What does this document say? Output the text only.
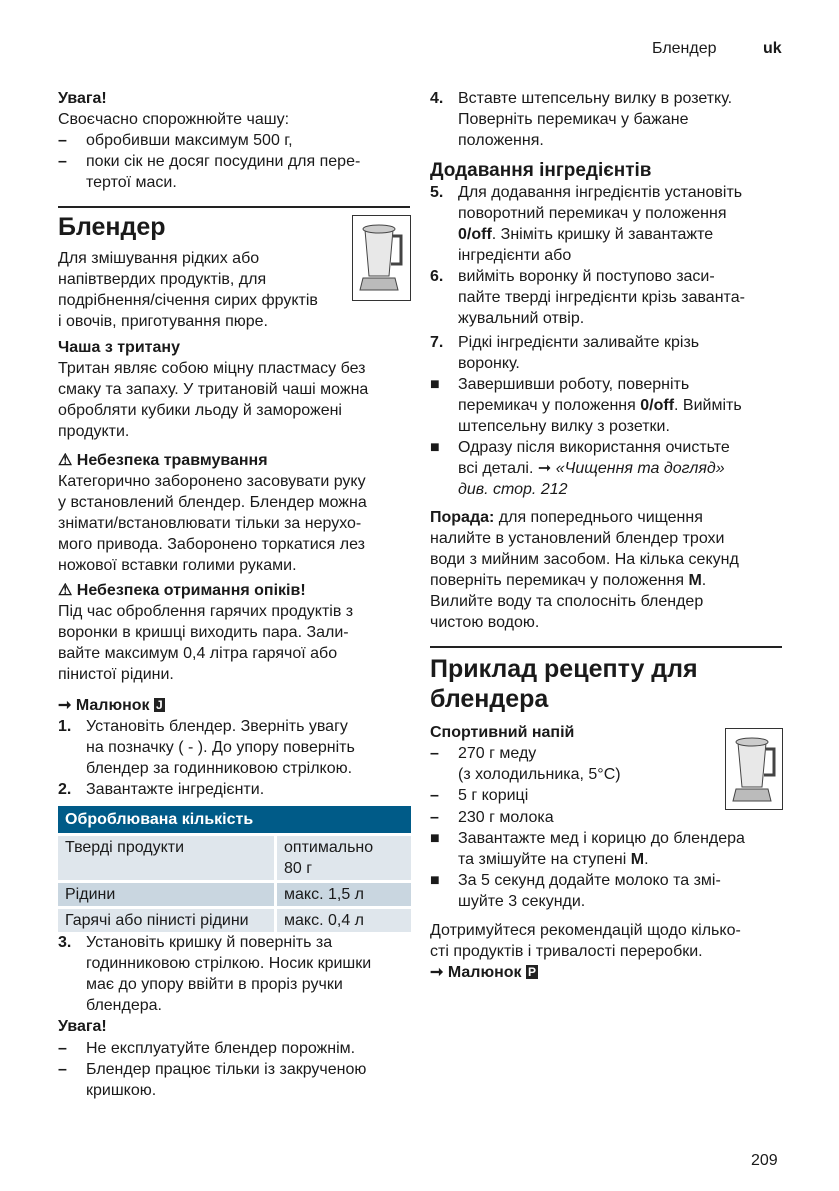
Блендер	uk
Увага!
Своєчасно спорожнюйте чашу:
– обробивши максимум 500 г,
– поки сік не досяг посудини для пере-
тертої маси.
Блендер
Для змішування рідких або
напівтвердих продуктів, для
подрібнення/січення сирих фруктів
і овочів, приготування пюре.
Чаша з тритану
Тритан являє собою міцну пластмасу без
смаку та запаху. У тритановій чаші можна
обробляти кубики льоду й заморожені
продукти.
⚠ Небезпека травмування
Категорично заборонено засовувати руку
у встановлений блендер. Блендер можна
знімати/встановлювати тільки за нерухо-
мого привода. Заборонено торкатися лез
ножової вставки голими руками.
⚠ Небезпека отримання опіків!
Під час оброблення гарячих продуктів з
воронки в кришці виходить пара. Зали-
вайте максимум 0,4 літра гарячої або
пінистої рідини.
➞ Малюнок J
1. Установіть блендер. Зверніть увагу
на позначку ( ‑ ). До упору поверніть
блендер за годинниковою стрілкою.
2. Завантажте інгредієнти.
Оброблювана кількість	
Тверді продукти	оптимально
80 г
Рідини	макс. 1,5 л
Гарячі або пінисті рідини	макс. 0,4 л
3. Установіть кришку й поверніть за
годинниковою стрілкою. Носик кришки
має до упору ввійти в проріз ручки
блендера.
Увага!
– Не експлуатуйте блендер порожнім.
– Блендер працює тільки із закрученою
кришкою.
4. Вставте штепсельну вилку в розетку.
Поверніть перемикач у бажане
положення.
Додавання інгредієнтів
5. Для додавання інгредієнтів установіть
поворотний перемикач у положення
0/off. Зніміть кришку й завантажте
інгредієнти або
6. вийміть воронку й поступово заси-
пайте тверді інгредієнти крізь заванта-
жувальний отвір.
7. Рідкі інгредієнти заливайте крізь
воронку.
■ Завершивши роботу, поверніть
перемикач у положення 0/off. Вийміть
штепсельну вилку з розетки.
■ Одразу після використання очистьте
всі деталі. ➞ «Чищення та догляд»
див. стор. 212
Порада: для попереднього чищення
налийте в установлений блендер трохи
води з мийним засобом. На кілька секунд
поверніть перемикач у положення M.
Вилийте воду та сполосніть блендер
чистою водою.
Приклад рецепту для
блендера
Спортивний напій
– 270 г меду
(з холодильника, 5°C)
– 5 г кориці
– 230 г молока
■ Завантажте мед і корицю до блендера
та змішуйте на ступені M.
■ За 5 секунд додайте молоко та змі-
шуйте 3 секунди.
Дотримуйтеся рекомендацій щодо кілько-
сті продуктів і тривалості переробки.
➞ Малюнок P
209
